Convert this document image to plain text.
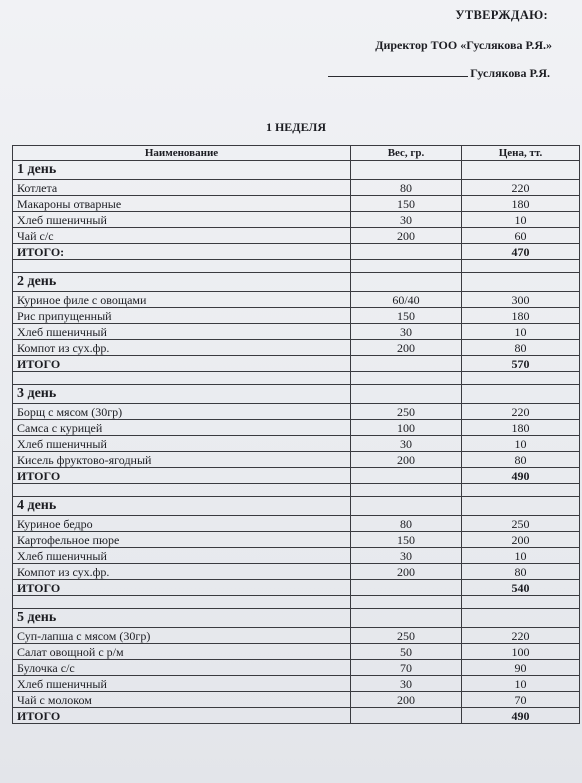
УТВЕРЖДАЮ:
Директор ТОО «Гуслякова Р.Я.»
Гуслякова Р.Я.
1 НЕДЕЛЯ
Наименование	Вес, гр.	Цена, тт.
1 день		
Котлета	80	220
Макароны отварные	150	180
Хлеб пшеничный	30	10
Чай с/с	200	60
ИТОГО:		470

2 день		
Куриное филе с овощами	60/40	300
Рис припущенный	150	180
Хлеб пшеничный	30	10
Компот из сух.фр.	200	80
ИТОГО		570

3 день		
Борщ с мясом (30гр)	250	220
Самса с курицей	100	180
Хлеб пшеничный	30	10
Кисель фруктово-ягодный	200	80
ИТОГО		490

4 день		
Куриное бедро	80	250
Картофельное пюре	150	200
Хлеб пшеничный	30	10
Компот из сух.фр.	200	80
ИТОГО		540

5 день		
Суп-лапша с мясом (30гр)	250	220
Салат овощной с р/м	50	100
Булочка с/с	70	90
Хлеб пшеничный	30	10
Чай с молоком	200	70
ИТОГО		490
